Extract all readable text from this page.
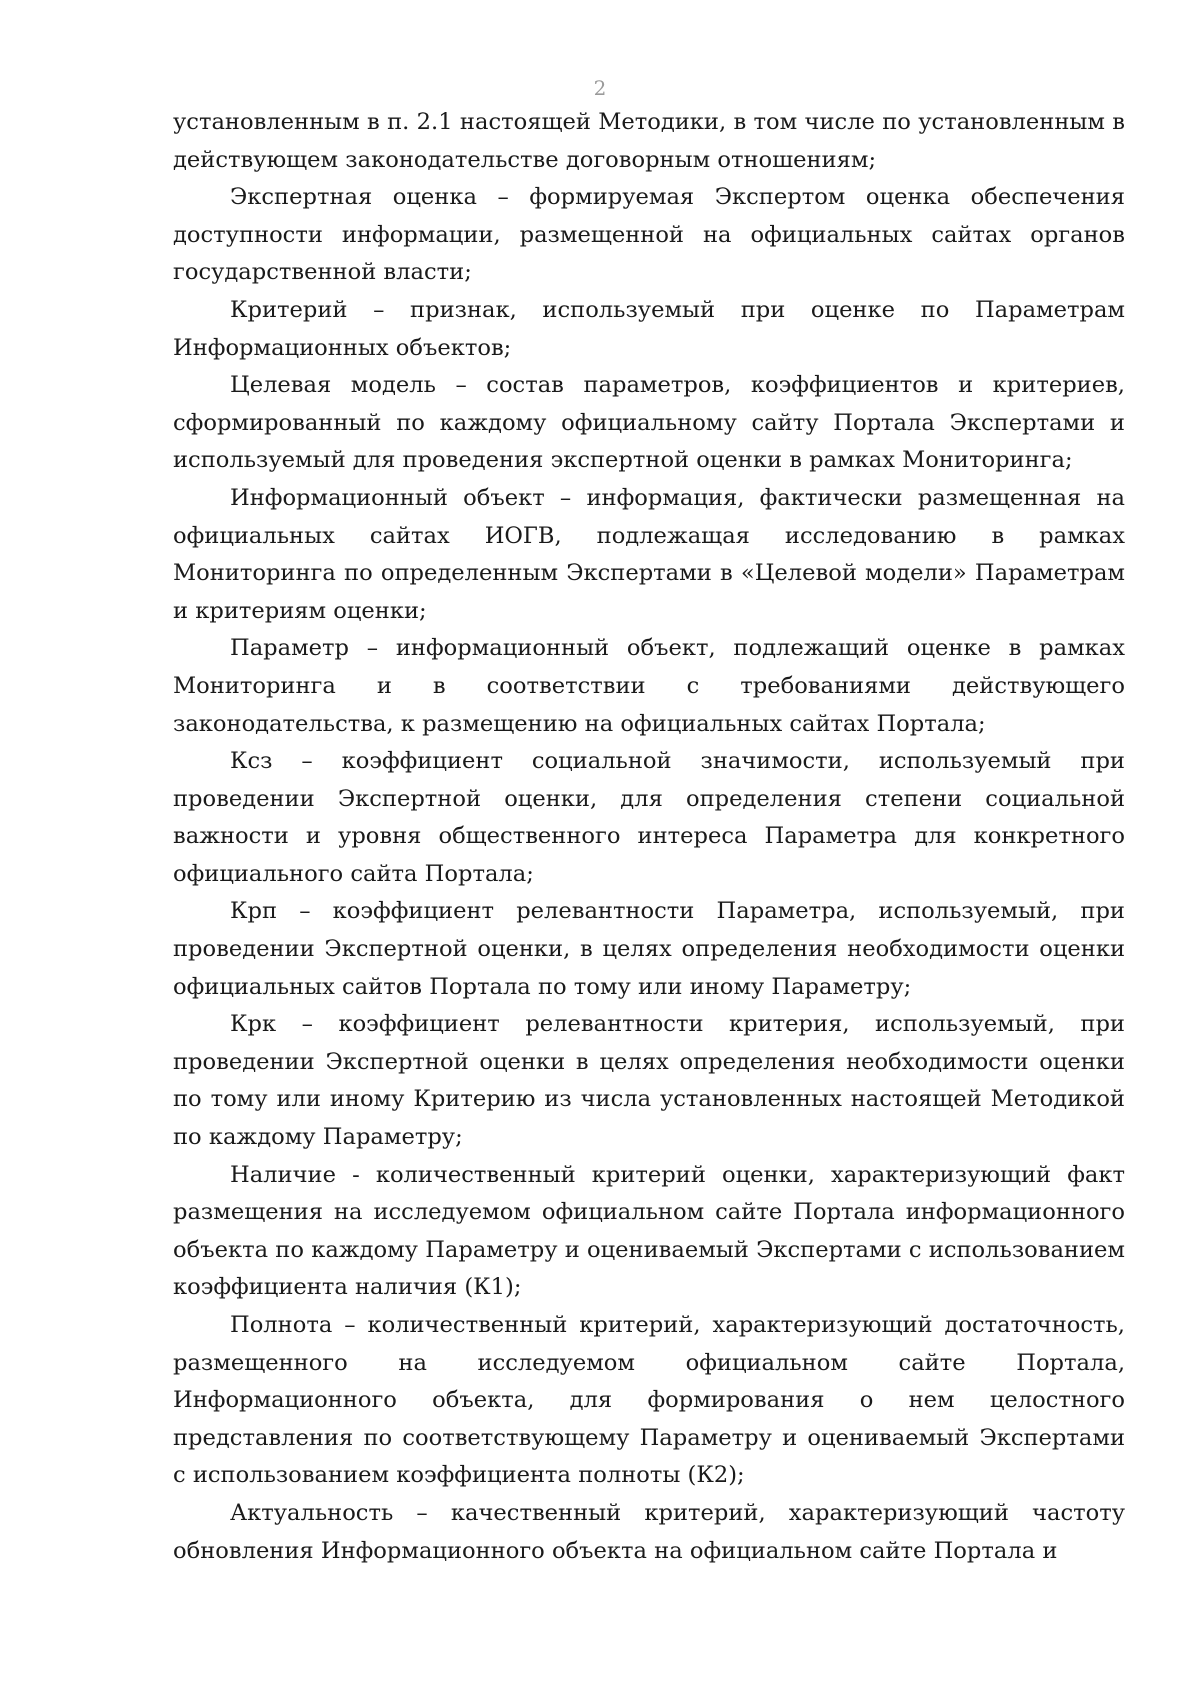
2

установленным в п. 2.1 настоящей Методики, в том числе по установленным в действующем законодательстве договорным отношениям;

Экспертная оценка – формируемая Экспертом оценка обеспечения доступности информации, размещенной на официальных сайтах органов государственной власти;

Критерий – признак, используемый при оценке по Параметрам Информационных объектов;

Целевая модель – состав параметров, коэффициентов и критериев, сформированный по каждому официальному сайту Портала Экспертами и используемый для проведения экспертной оценки в рамках Мониторинга;

Информационный объект – информация, фактически размещенная на официальных сайтах ИОГВ, подлежащая исследованию в рамках Мониторинга по определенным Экспертами в «Целевой модели» Параметрам и критериям оценки;

Параметр – информационный объект, подлежащий оценке в рамках Мониторинга и в соответствии с требованиями действующего законодательства, к размещению на официальных сайтах Портала;

Ксз – коэффициент социальной значимости, используемый при проведении Экспертной оценки, для определения степени социальной важности и уровня общественного интереса Параметра для конкретного официального сайта Портала;

Крп – коэффициент релевантности Параметра, используемый, при проведении Экспертной оценки, в целях определения необходимости оценки официальных сайтов Портала по тому или иному Параметру;

Крк – коэффициент релевантности критерия, используемый, при проведении Экспертной оценки в целях определения необходимости оценки по тому или иному Критерию из числа установленных настоящей Методикой по каждому Параметру;

Наличие - количественный критерий оценки, характеризующий факт размещения на исследуемом официальном сайте Портала информационного объекта по каждому Параметру и оцениваемый Экспертами с использованием коэффициента наличия (К1);

Полнота – количественный критерий, характеризующий достаточность, размещенного на исследуемом официальном сайте Портала, Информационного объекта, для формирования о нем целостного представления по соответствующему Параметру и оцениваемый Экспертами с использованием коэффициента полноты (К2);

Актуальность – качественный критерий, характеризующий частоту обновления Информационного объекта на официальном сайте Портала и
